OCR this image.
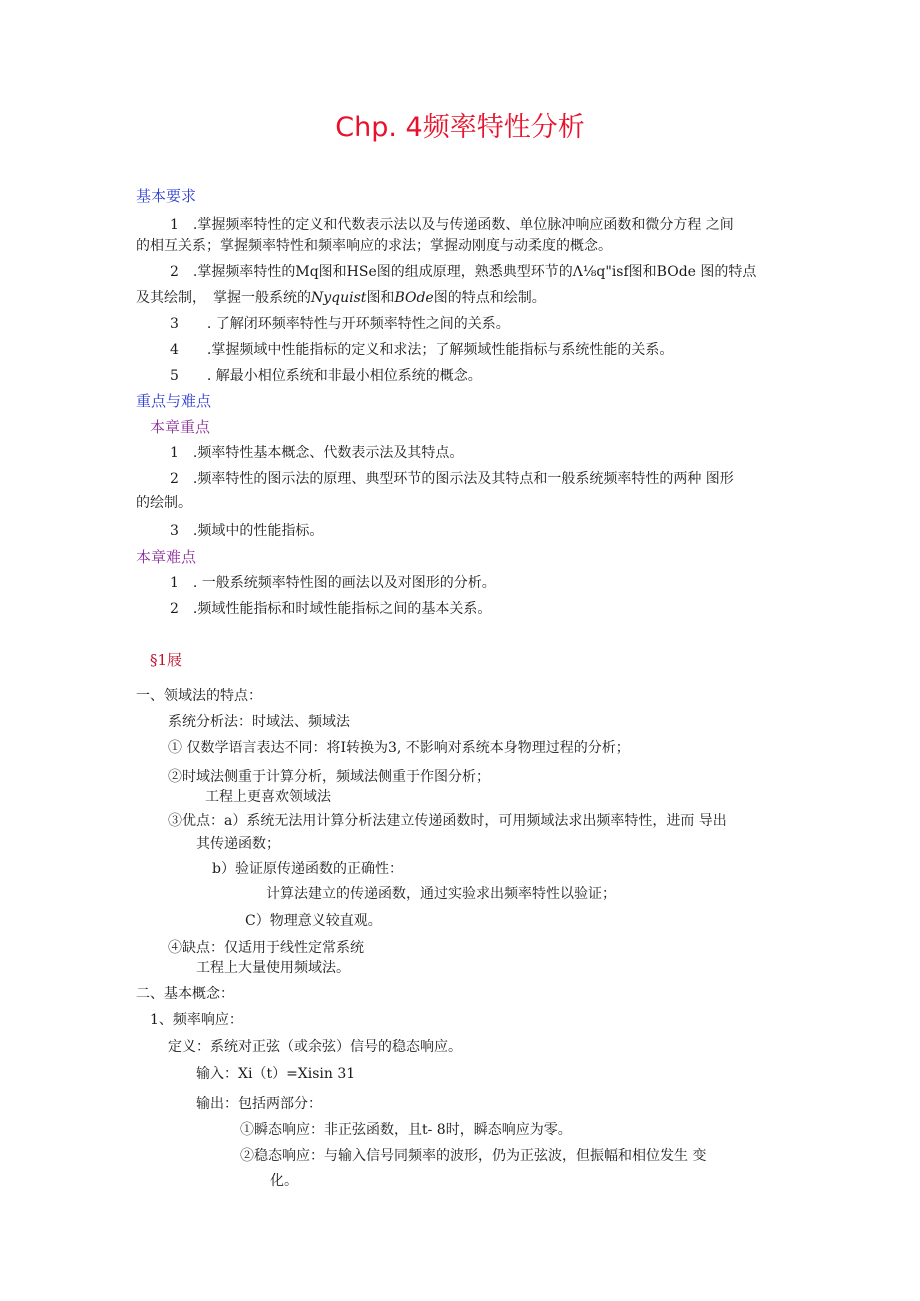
Chp. 4频率特性分析
基本要求
1　.掌握频率特性的定义和代数表示法以及与传递函数、单位脉冲响应函数和微分方程 之间
的相互关系；掌握频率特性和频率响应的求法；掌握动刚度与动柔度的概念。
2　.掌握频率特性的Mq图和HSe图的组成原理，熟悉典型环节的Λ⅛q"isf图和BOde 图的特点
及其绘制，　掌握一般系统的Nyquist图和BOde图的特点和绘制。
3　　. 了解闭环频率特性与开环频率特性之间的关系。
4　　.掌握频域中性能指标的定义和求法；了解频域性能指标与系统性能的关系。
5　　. 解最小相位系统和非最小相位系统的概念。
重点与难点
本章重点
1　.频率特性基本概念、代数表示法及其特点。
2　.频率特性的图示法的原理、典型环节的图示法及其特点和一般系统频率特性的两种 图形
的绘制。
3　.频域中的性能指标。
本章难点
1　. 一般系统频率特性图的画法以及对图形的分析。
2　.频域性能指标和时域性能指标之间的基本关系。
§1屐
一、领域法的特点：
系统分析法：时域法、频域法
① 仅数学语言表达不同：将I转换为3, 不影响对系统本身物理过程的分析；
②时域法侧重于计算分析，频域法侧重于作图分析；
工程上更喜欢领域法
③优点：a）系统无法用计算分析法建立传递函数时，可用频域法求出频率特性，进而 导出
其传递函数；
b）验证原传递函数的正确性：
计算法建立的传递函数，通过实验求出频率特性以验证；
C）物理意义较直观。
④缺点：仅适用于线性定常系统
工程上大量使用频域法。
二、基本概念：
1、频率响应：
定义：系统对正弦（或余弦）信号的稳态响应。
输入：Xi（t）=Xisin 31
输出：包括两部分：
①瞬态响应：非正弦函数，且t- 8时，瞬态响应为零。
②稳态响应：与输入信号同频率的波形，仍为正弦波，但振幅和相位发生 变
化。
